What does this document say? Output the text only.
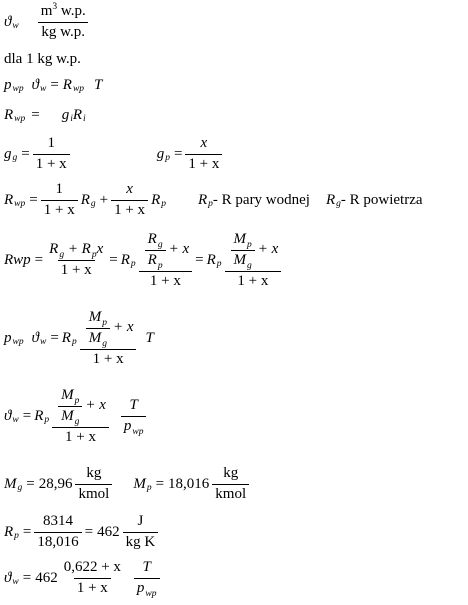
ϑ w $\frac{m^3 w.p.}{\text{kg w.p.}}$
dla 1 kg w.p.
p wp ϑ w = R wp T
R wp = g i R i
g $g = \frac{1}{1 + x}$	g $p = \frac{x}{1 + x}$
R wp = $\frac{1}{1 + x}$ R $g + \frac{x}{1 + x}$ R p R p - R pary wodnej R g - R powietrza
Rwp = $\frac{R_g + R_px}{1 + x} = R$ p $\frac{\frac{R_g}{R_p} + x}{1 + x} = R$ p $\frac{\frac{M_p}{M_g} + x}{1 + x}$
p wp ϑ w = R p $\frac{\frac{M_p}{M_g} + x}{1 + x}$ T
ϑ w = R p $\frac{\frac{M_p}{M_g} + x}{1 + x} \frac{T}{p_{wp}}$
M $g = 28,96 \frac{kg}{\text{kmol}}$ M $p = 18,016 \frac{kg}{\text{kmol}}$
R $p = \frac{8314}{18,016} = 462 \frac{J}{\text{kg K}}$
ϑ $w = 462 \frac{0,622 + x}{1 + x} \frac{T}{p_{wp}}$
